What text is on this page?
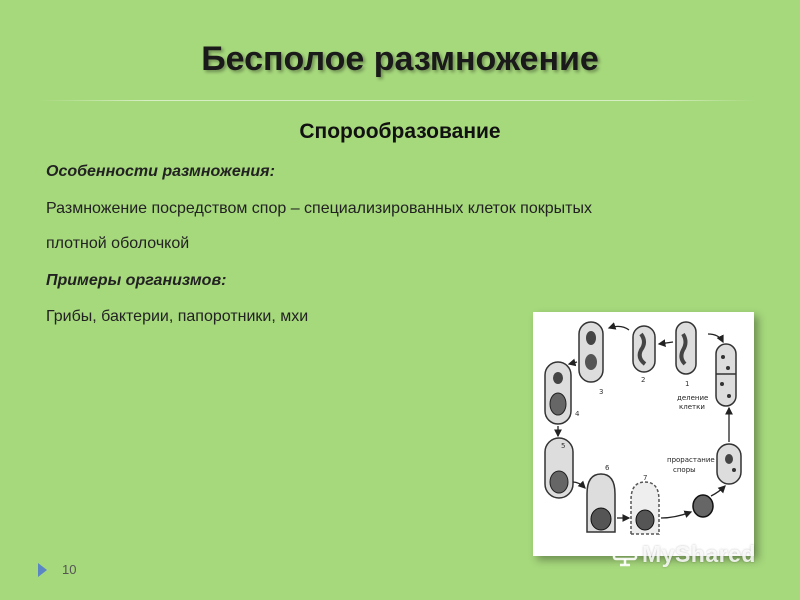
Бесполое размножение
Спорообразование
Особенности размножения:
Размножение посредством спор – специализированных клеток покрытых
плотной оболочкой
Примеры организмов:
Грибы, бактерии, папоротники, мхи
1
2
3
4
5
6
7
деление
клетки
прорастание
споры
10
MyShared
